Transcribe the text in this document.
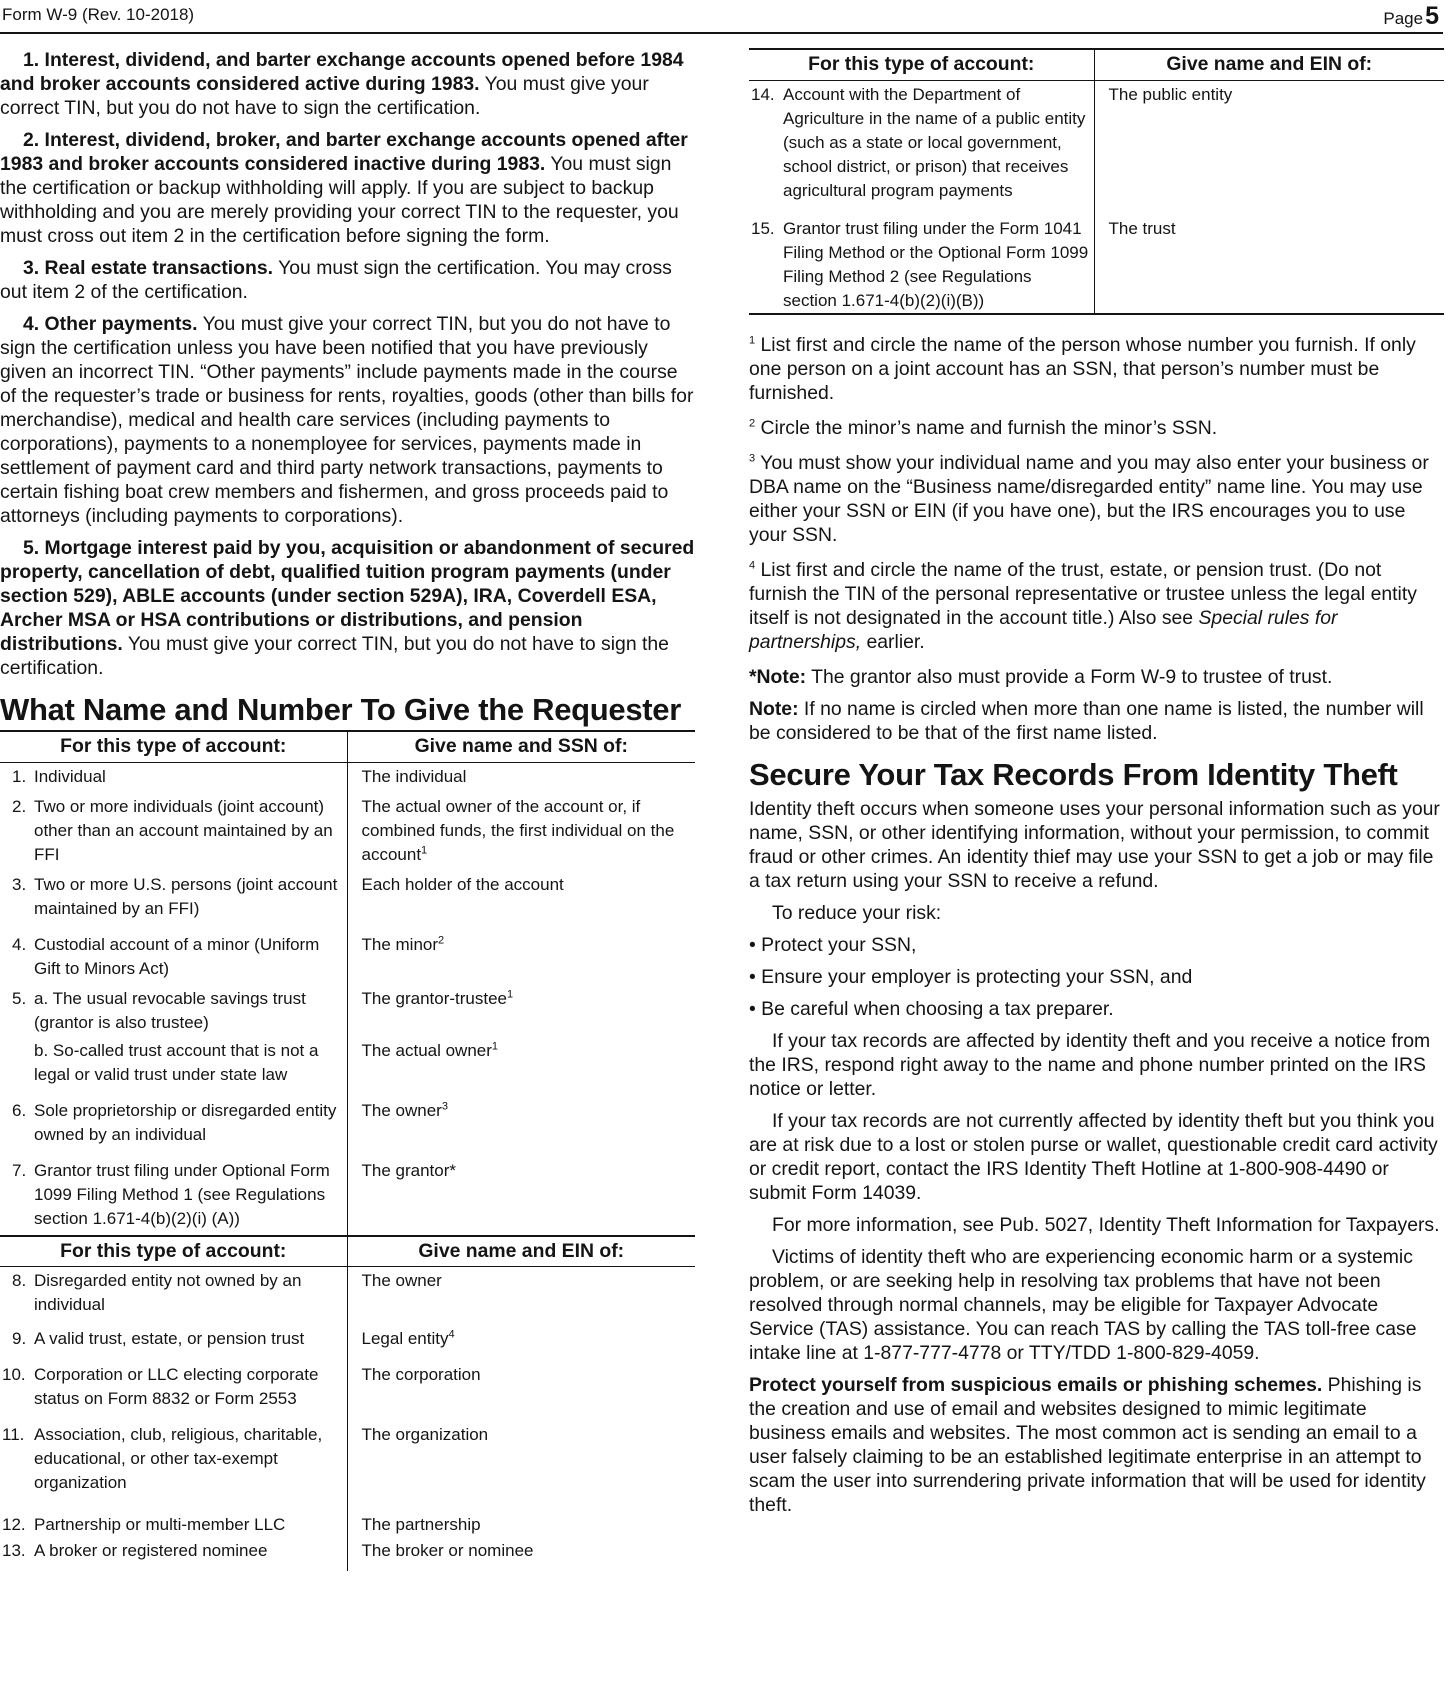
Form W-9 (Rev. 10-2018)	Page5

1. Interest, dividend, and barter exchange accounts opened before 1984 and broker accounts considered active during 1983. You must give your correct TIN, but you do not have to sign the certification.

2. Interest, dividend, broker, and barter exchange accounts opened after 1983 and broker accounts considered inactive during 1983. You must sign the certification or backup withholding will apply. If you are subject to backup withholding and you are merely providing your correct TIN to the requester, you must cross out item 2 in the certification before signing the form.

3. Real estate transactions. You must sign the certification. You may cross out item 2 of the certification.

4. Other payments. You must give your correct TIN, but you do not have to sign the certification unless you have been notified that you have previously given an incorrect TIN. “Other payments” include payments made in the course of the requester’s trade or business for rents, royalties, goods (other than bills for merchandise), medical and health care services (including payments to corporations), payments to a nonemployee for services, payments made in settlement of payment card and third party network transactions, payments to certain fishing boat crew members and fishermen, and gross proceeds paid to attorneys (including payments to corporations).

5. Mortgage interest paid by you, acquisition or abandonment of secured property, cancellation of debt, qualified tuition program payments (under section 529), ABLE accounts (under section 529A), IRA, Coverdell ESA, Archer MSA or HSA contributions or distributions, and pension distributions. You must give your correct TIN, but you do not have to sign the certification.

What Name and Number To Give the Requester
For this type of account:	Give name and SSN of:

1. Individual	The individual

2. Two or more individuals (joint account) other than an account maintained by an FFI	The actual owner of the account or, if combined funds, the first individual on the account$^1$

3. Two or more U.S. persons (joint account maintained by an FFI)	Each holder of the account

4. Custodial account of a minor (Uniform Gift to Minors Act)	The minor$^2$

5. a. The usual revocable savings trust (grantor is also trustee)	The grantor-trustee$^1$

b. So-called trust account that is not a legal or valid trust under state law	The actual owner$^1$

6. Sole proprietorship or disregarded entity owned by an individual	The owner$^3$

7. Grantor trust filing under Optional Form 1099 Filing Method 1 (see Regulations section 1.671-4(b)(2)(i) (A))	The grantor*
For this type of account:	Give name and EIN of:

8. Disregarded entity not owned by an individual	The owner

9. A valid trust, estate, or pension trust	Legal entity$^4$

10. Corporation or LLC electing corporate status on Form 8832 or Form 2553	The corporation

11. Association, club, religious, charitable, educational, or other tax-exempt organization	The organization

12. Partnership or multi-member LLC	The partnership

13. A broker or registered nominee	The broker or nominee
For this type of account:	Give name and EIN of:

14. Account with the Department of Agriculture in the name of a public entity (such as a state or local government, school district, or prison) that receives agricultural program payments	The public entity

15. Grantor trust filing under the Form 1041 Filing Method or the Optional Form 1099 Filing Method 2 (see Regulations section 1.671-4(b)(2)(i)(B))	The trust

$^1$ List first and circle the name of the person whose number you furnish. If only one person on a joint account has an SSN, that person’s number must be furnished.

$^2$ Circle the minor’s name and furnish the minor’s SSN.

$^3$ You must show your individual name and you may also enter your business or DBA name on the “Business name/disregarded entity” name line. You may use either your SSN or EIN (if you have one), but the IRS encourages you to use your SSN.

$^4$ List first and circle the name of the trust, estate, or pension trust. (Do not furnish the TIN of the personal representative or trustee unless the legal entity itself is not designated in the account title.) Also see Special rules for partnerships, earlier.

*Note: The grantor also must provide a Form W-9 to trustee of trust.

Note: If no name is circled when more than one name is listed, the number will be considered to be that of the first name listed.

Secure Your Tax Records From Identity Theft

Identity theft occurs when someone uses your personal information such as your name, SSN, or other identifying information, without your permission, to commit fraud or other crimes. An identity thief may use your SSN to get a job or may file a tax return using your SSN to receive a refund.

To reduce your risk:

• Protect your SSN,

• Ensure your employer is protecting your SSN, and

• Be careful when choosing a tax preparer.

If your tax records are affected by identity theft and you receive a notice from the IRS, respond right away to the name and phone number printed on the IRS notice or letter.

If your tax records are not currently affected by identity theft but you think you are at risk due to a lost or stolen purse or wallet, questionable credit card activity or credit report, contact the IRS Identity Theft Hotline at 1-800-908-4490 or submit Form 14039.

For more information, see Pub. 5027, Identity Theft Information for Taxpayers.

Victims of identity theft who are experiencing economic harm or a systemic problem, or are seeking help in resolving tax problems that have not been resolved through normal channels, may be eligible for Taxpayer Advocate Service (TAS) assistance. You can reach TAS by calling the TAS toll-free case intake line at 1-877-777-4778 or TTY/TDD 1-800-829-4059.

Protect yourself from suspicious emails or phishing schemes. Phishing is the creation and use of email and websites designed to mimic legitimate business emails and websites. The most common act is sending an email to a user falsely claiming to be an established legitimate enterprise in an attempt to scam the user into surrendering private information that will be used for identity theft.
